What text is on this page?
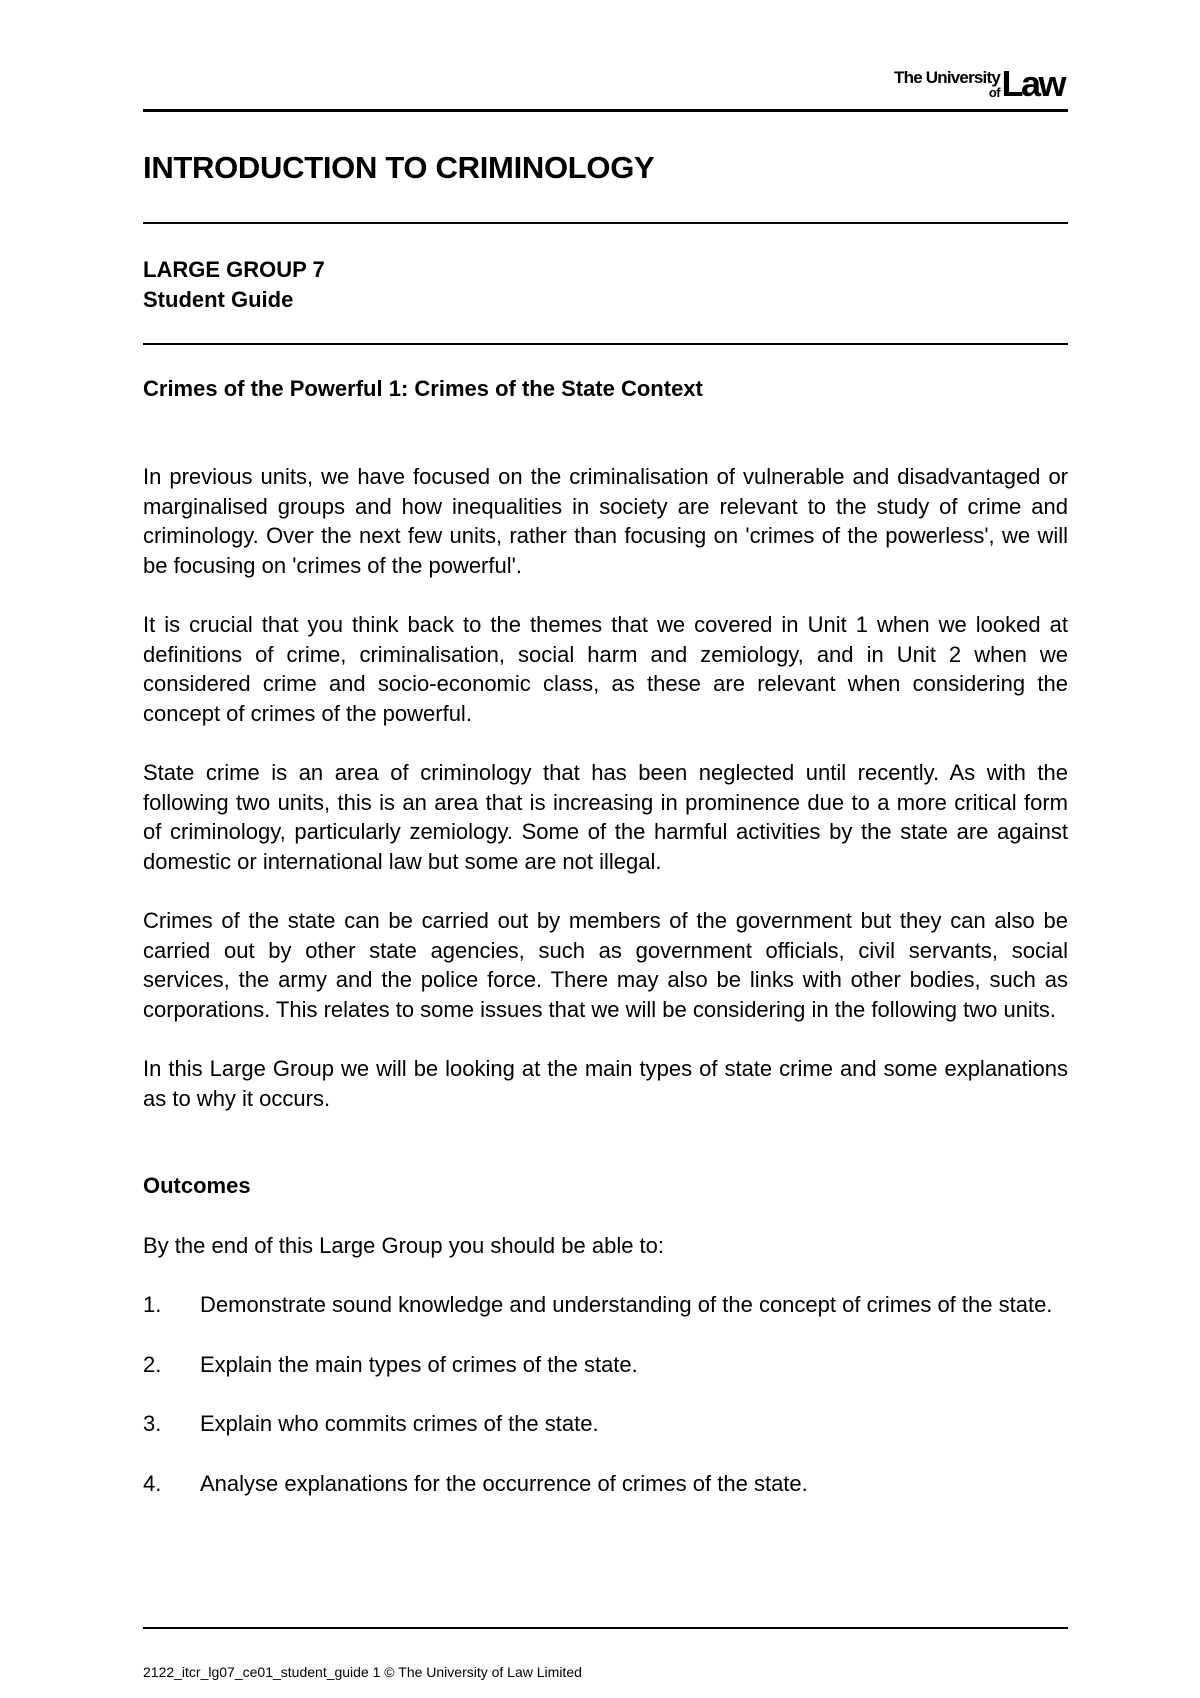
The University
of Law
INTRODUCTION TO CRIMINOLOGY
LARGE GROUP 7
Student Guide
Crimes of the Powerful 1: Crimes of the State Context

In previous units, we have focused on the criminalisation of vulnerable and disadvantaged or marginalised groups and how inequalities in society are relevant to the study of crime and criminology. Over the next few units, rather than focusing on 'crimes of the powerless', we will be focusing on 'crimes of the powerful'.

It is crucial that you think back to the themes that we covered in Unit 1 when we looked at definitions of crime, criminalisation, social harm and zemiology, and in Unit 2 when we considered crime and socio-economic class, as these are relevant when considering the concept of crimes of the powerful.

State crime is an area of criminology that has been neglected until recently. As with the following two units, this is an area that is increasing in prominence due to a more critical form of criminology, particularly zemiology. Some of the harmful activities by the state are against domestic or international law but some are not illegal.

Crimes of the state can be carried out by members of the government but they can also be carried out by other state agencies, such as government officials, civil servants, social services, the army and the police force. There may also be links with other bodies, such as corporations. This relates to some issues that we will be considering in the following two units.

In this Large Group we will be looking at the main types of state crime and some explanations as to why it occurs.

Outcomes

By the end of this Large Group you should be able to:

1. Demonstrate sound knowledge and understanding of the concept of crimes of the state.
2. Explain the main types of crimes of the state.
3. Explain who commits crimes of the state.
4. Analyse explanations for the occurrence of crimes of the state.
2122_itcr_lg07_ce01_student_guide 1 © The University of Law Limited
